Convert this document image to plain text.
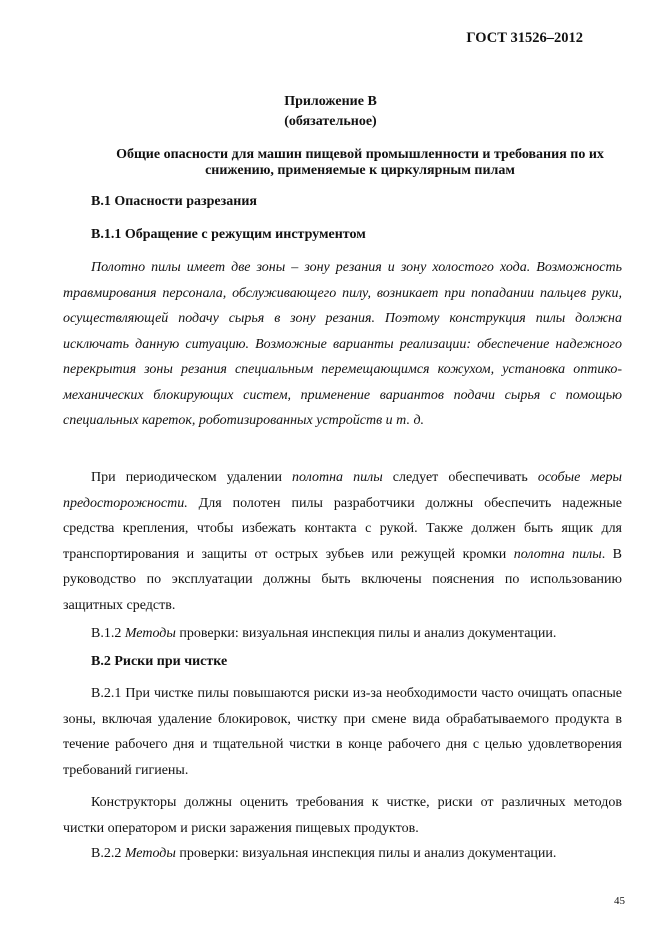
ГОСТ 31526–2012
Приложение В
(обязательное)
Общие опасности для машин пищевой промышленности и требования по их снижению, применяемые к циркулярным пилам
В.1 Опасности разрезания
В.1.1 Обращение с режущим инструментом

Полотно пилы имеет две зоны – зону резания и зону холостого хода. Возможность травмирования персонала, обслуживающего пилу, возникает при попадании пальцев руки, осуществляющей подачу сырья в зону резания. Поэтому конструкция пилы должна исключать данную ситуацию. Возможные варианты реализации: обеспечение надежного перекрытия зоны резания специальным перемещающимся кожухом, установка оптико-механических блокирующих систем, применение вариантов подачи сырья с помощью специальных кареток, роботизированных устройств и т. д.

При периодическом удалении полотна пилы следует обеспечивать особые меры предосторожности. Для полотен пилы разработчики должны обеспечить надежные средства крепления, чтобы избежать контакта с рукой. Также должен быть ящик для транспортирования и защиты от острых зубьев или режущей кромки полотна пилы. В руководство по эксплуатации должны быть включены пояснения по использованию защитных средств.

В.1.2 Методы проверки: визуальная инспекция пилы и анализ документации.

В.2 Риски при чистке

В.2.1 При чистке пилы повышаются риски из-за необходимости часто очищать опасные зоны, включая удаление блокировок, чистку при смене вида обрабатываемого продукта в течение рабочего дня и тщательной чистки в конце рабочего дня с целью удовлетворения требований гигиены.

Конструкторы должны оценить требования к чистке, риски от различных методов чистки оператором и риски заражения пищевых продуктов.

В.2.2 Методы проверки: визуальная инспекция пилы и анализ документации.

45
